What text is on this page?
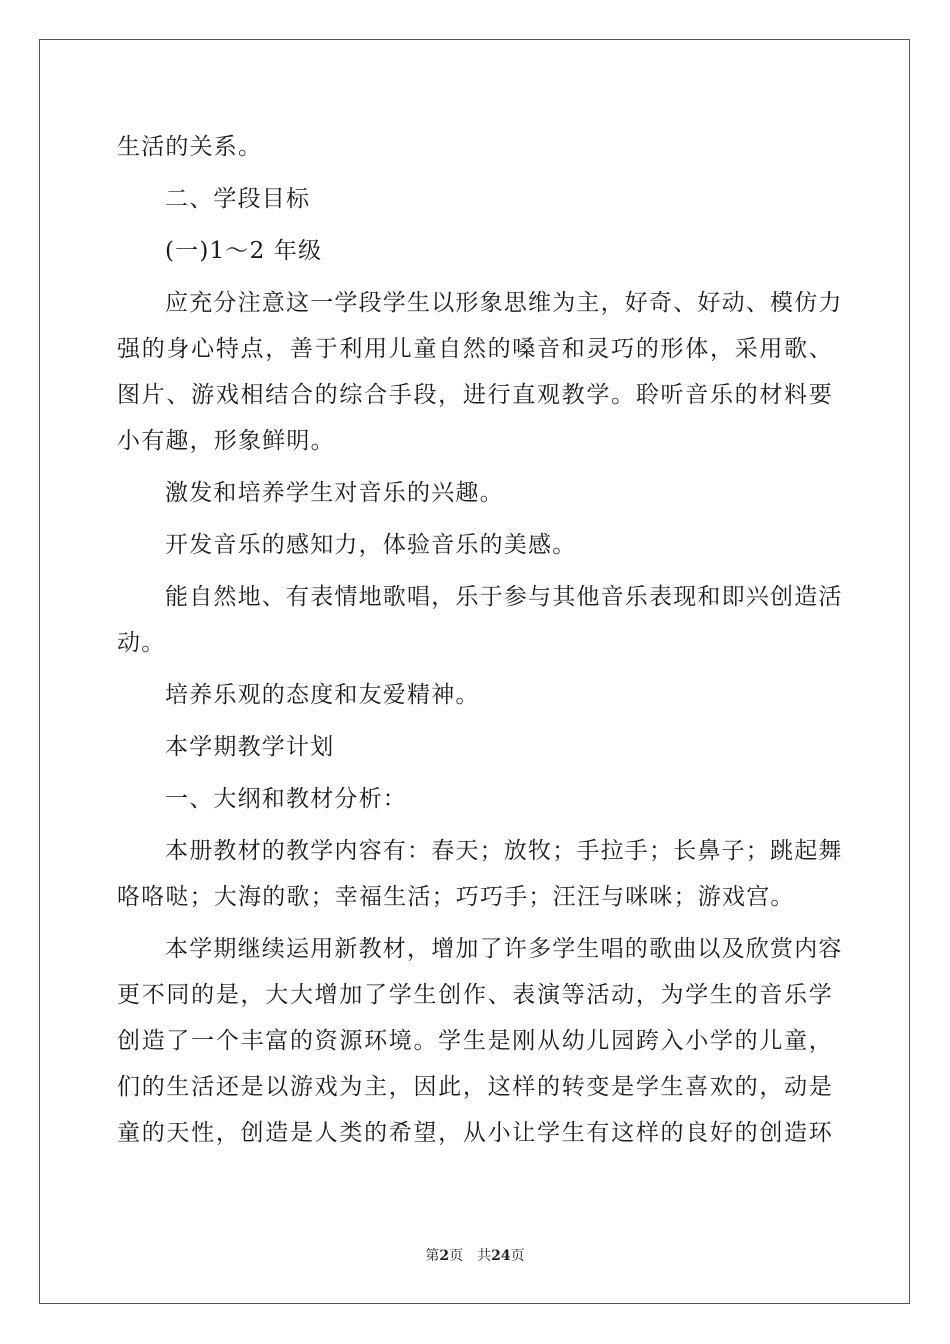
生活的关系。
二、学段目标
(一)1～2 年级
应充分注意这一学段学生以形象思维为主，好奇、好动、模仿力
强的身心特点，善于利用儿童自然的嗓音和灵巧的形体，采用歌、
图片、游戏相结合的综合手段，进行直观教学。聆听音乐的材料要
小有趣，形象鲜明。
激发和培养学生对音乐的兴趣。
开发音乐的感知力，体验音乐的美感。
能自然地、有表情地歌唱，乐于参与其他音乐表现和即兴创造活
动。
培养乐观的态度和友爱精神。
本学期教学计划
一、大纲和教材分析：
本册教材的教学内容有：春天；放牧；手拉手；长鼻子；跳起舞
咯咯哒；大海的歌；幸福生活；巧巧手；汪汪与咪咪；游戏宫。
本学期继续运用新教材，增加了许多学生唱的歌曲以及欣赏内容
更不同的是，大大增加了学生创作、表演等活动，为学生的音乐学
创造了一个丰富的资源环境。学生是刚从幼儿园跨入小学的儿童，
们的生活还是以游戏为主，因此，这样的转变是学生喜欢的，动是
童的天性，创造是人类的希望，从小让学生有这样的良好的创造环
第2页 共24页
